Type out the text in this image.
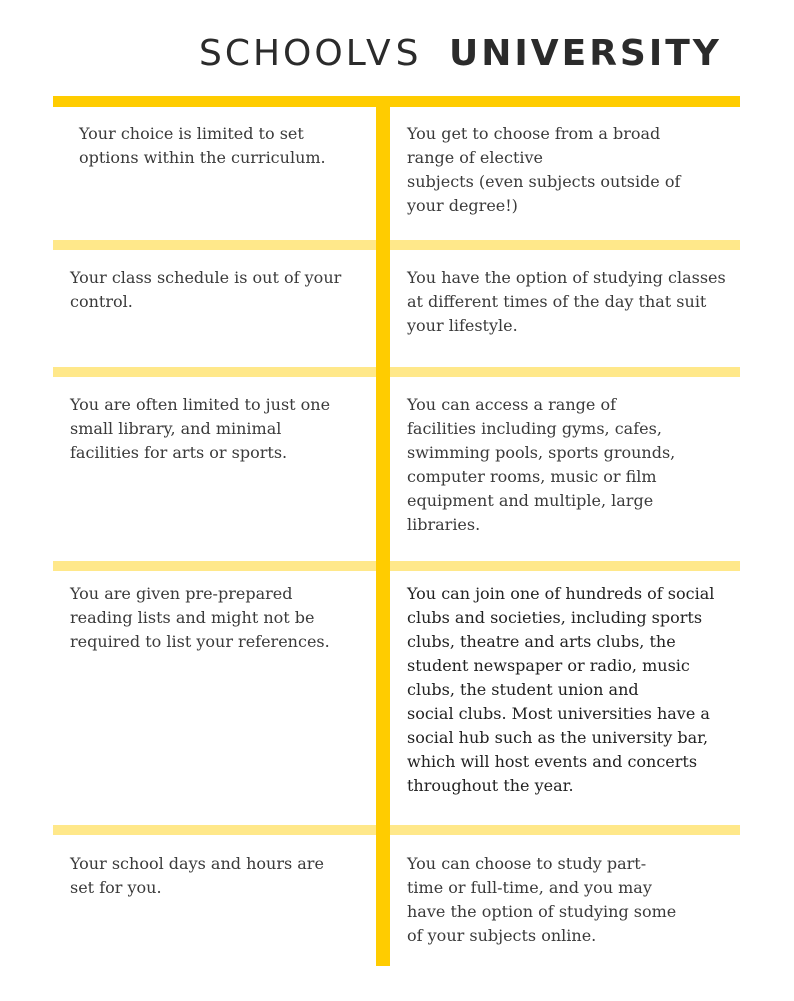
SCHOOL
VS UNIVERSITY
Your choice is limited to set
options within the curriculum.
You get to choose from a broad
range of elective
subjects (even subjects outside of
your degree!)
Your class schedule is out of your
control.
You have the option of studying classes
at different times of the day that suit
your lifestyle.
You are often limited to just one
small library, and minimal
facilities for arts or sports.
You can access a range of
facilities including gyms, cafes,
swimming pools, sports grounds,
computer rooms, music or film
equipment and multiple, large
libraries.
You are given pre-prepared
reading lists and might not be
required to list your references.
You can join one of hundreds of social
clubs and societies, including sports
clubs, theatre and arts clubs, the
student newspaper or radio, music
clubs, the student union and
social clubs. Most universities have a
social hub such as the university bar,
which will host events and concerts
throughout the year.
Your school days and hours are
set for you.
You can choose to study part-
time or full-time, and you may
have the option of studying some
of your subjects online.
